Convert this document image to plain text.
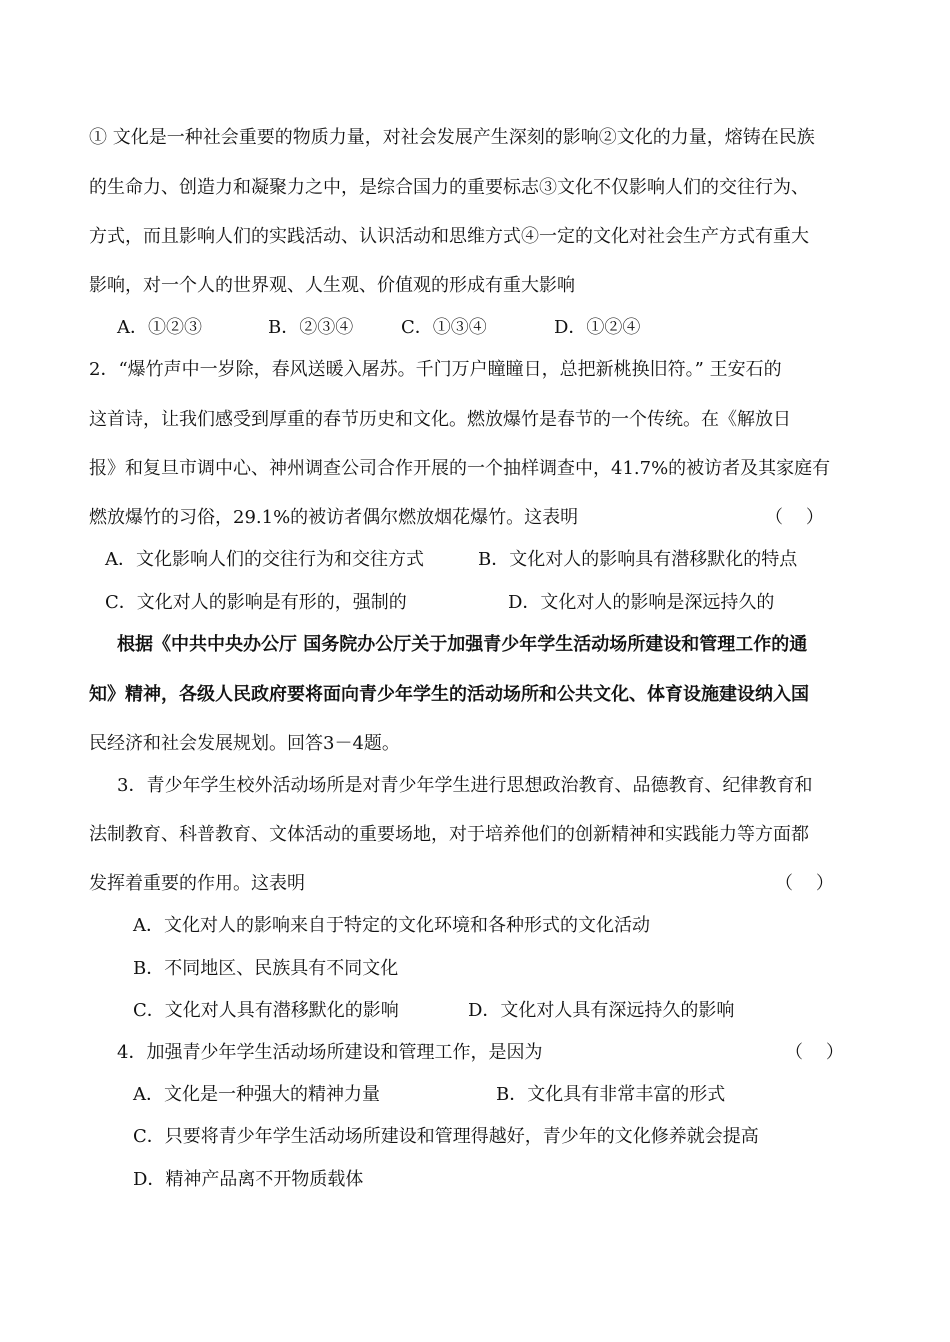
① 文化是一种社会重要的物质力量，对社会发展产生深刻的影响②文化的力量，熔铸在民族
的生命力、创造力和凝聚力之中，是综合国力的重要标志③文化不仅影响人们的交往行为、
方式，而且影响人们的实践活动、认识活动和思维方式④一定的文化对社会生产方式有重大
影响，对一个人的世界观、人生观、价值观的形成有重大影响
A．①②③	B．②③④	C．①③④	D．①②④
2．“爆竹声中一岁除，春风送暖入屠苏。千门万户瞳瞳日，总把新桃换旧符。” 王安石的
这首诗，让我们感受到厚重的春节历史和文化。燃放爆竹是春节的一个传统。在《解放日
报》和复旦市调中心、神州调查公司合作开展的一个抽样调查中，41.7%的被访者及其家庭有
燃放爆竹的习俗，29.1%的被访者偶尔燃放烟花爆竹。这表明	（    ）
A．文化影响人们的交往行为和交往方式	B．文化对人的影响具有潜移默化的特点
C．文化对人的影响是有形的，强制的	D．文化对人的影响是深远持久的
根据《中共中央办公厅 国务院办公厅关于加强青少年学生活动场所建设和管理工作的通
知》精神，各级人民政府要将面向青少年学生的活动场所和公共文化、体育设施建设纳入国
民经济和社会发展规划。回答3－4题。
3．青少年学生校外活动场所是对青少年学生进行思想政治教育、品德教育、纪律教育和
法制教育、科普教育、文体活动的重要场地，对于培养他们的创新精神和实践能力等方面都
发挥着重要的作用。这表明	（    ）
A．文化对人的影响来自于特定的文化环境和各种形式的文化活动
B．不同地区、民族具有不同文化
C．文化对人具有潜移默化的影响	D．文化对人具有深远持久的影响
4．加强青少年学生活动场所建设和管理工作，是因为	（    ）
A．文化是一种强大的精神力量	B．文化具有非常丰富的形式
C．只要将青少年学生活动场所建设和管理得越好，青少年的文化修养就会提高
D．精神产品离不开物质载体
